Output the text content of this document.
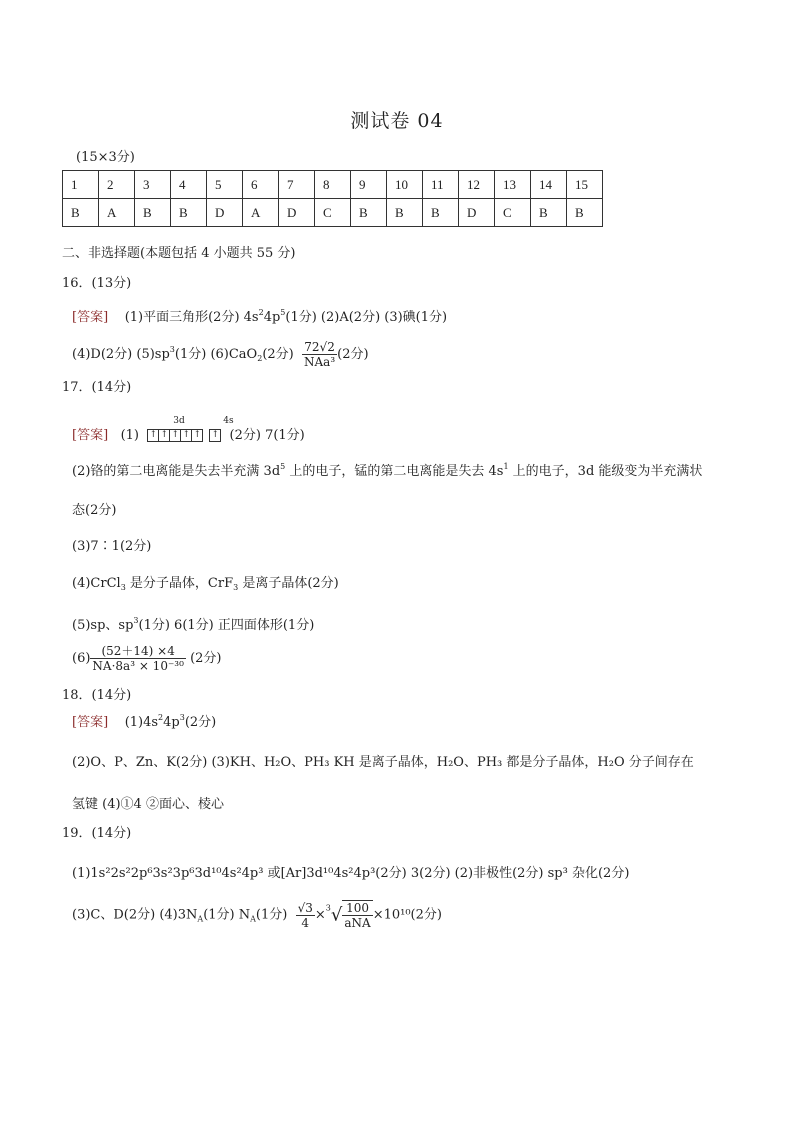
测试卷 04
(15×3分)
1	2	3	4	5	6	7	8	9	10	11	12	13	14	15
B	A	B	B	D	A	D	C	B	B	B	D	C	B	B
二、非选择题(本题包括 4 小题共 55 分)
16．(13分)
[答案] (1)平面三角形(2分) $4s^24p^5(1$分) (2)A(2分) (3)碘(1分)
(4)D(2分) $(5)sp^3(1$分) (6)CaO$_2$(2分) $\frac{72√2}{\text{NAa³}} (2$分)
17．(14分)
[答案] (1)
3d	4s
↑ ↑ ↑ ↑ ↑ ↑ (2分) 7(1分)
(2)铬的第二电离能是失去半充满 $3d^5$ 上的电子，锰的第二电离能是失去 $4s^1$ 上的电子，3d 能级变为半充满状
态(2分)
(3)7∶1(2分)
(4)CrCl$_3$ 是分子晶体，CrF$_3$ 是离子晶体(2分)
(5)sp、$sp^3(1$分) 6(1分) 正四面体形(1分)
$(6) \frac{(52+14) \times 4}{\text{NA·8a³ × 10⁻³⁰}} (2$分)
18．(14分)
[答案] $(1)4s^24p^3(2$分)
(2)O、P、Zn、K(2分) (3)KH、H₂O、PH₃ KH 是离子晶体，H₂O、PH₃ 都是分子晶体，H₂O 分子间存在
氢键 (4)①4 ②面心、棱心
19．(14分)
(1)1s²2s²2p⁶3s²3p⁶3d¹⁰4s²4p³ 或[Ar]3d¹⁰4s²4p³(2分) 3(2分) (2)非极性(2分) sp³ 杂化(2分)
(3)C、D(2分) $(4)3N_A(1$分) $N_A(1$分) $\frac{√3}{4} \times^3√ \frac{100}{\text{aNA}} \times 10^{10}(2$分)
